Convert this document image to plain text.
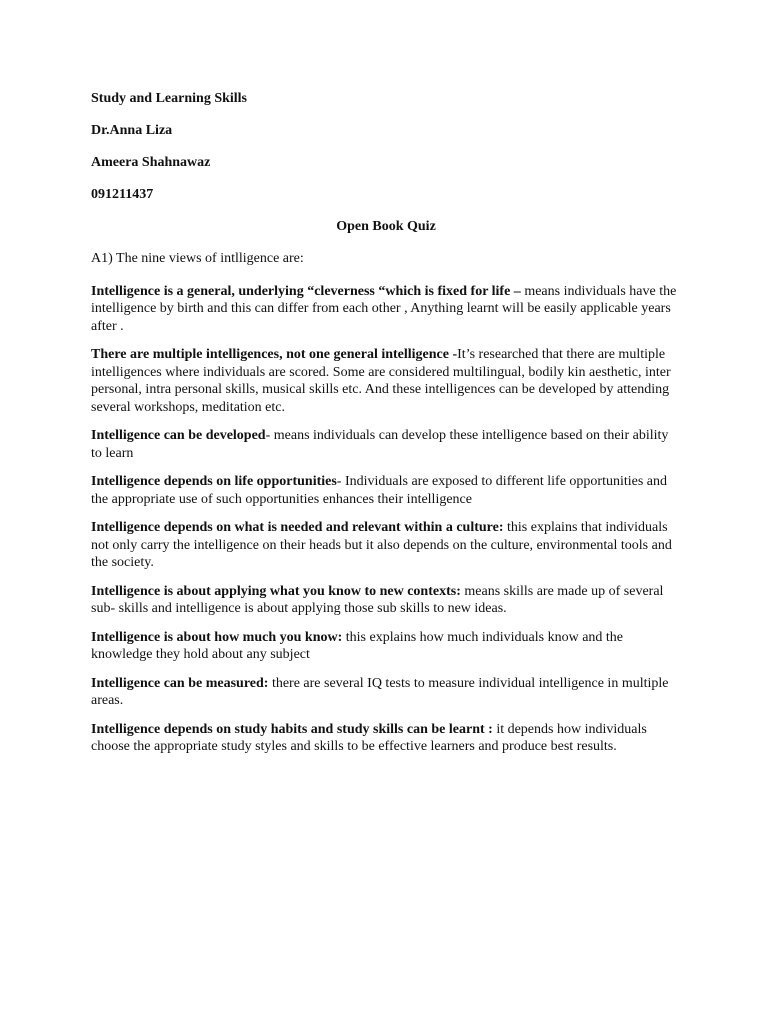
Study and Learning Skills
Dr.Anna Liza
Ameera Shahnawaz
091211437
Open Book Quiz
A1) The nine views of intlligence are:
Intelligence is a general, underlying “cleverness “which is fixed for life – means individuals have the intelligence by birth and this can differ from each other , Anything learnt will be easily applicable years after .
There are multiple intelligences, not one general intelligence -It’s researched that there are multiple intelligences where individuals are scored. Some are considered multilingual, bodily kin aesthetic, inter personal, intra personal skills, musical skills etc. And these intelligences can be developed by attending several workshops, meditation etc.
Intelligence can be developed- means individuals can develop these intelligence based on their ability to learn
Intelligence depends on life opportunities- Individuals are exposed to different life opportunities and the appropriate use of such opportunities enhances their intelligence
Intelligence depends on what is needed and relevant within a culture: this explains that individuals not only carry the intelligence on their heads but it also depends on the culture, environmental tools and the society.
Intelligence is about applying what you know to new contexts: means skills are made up of several sub- skills and intelligence is about applying those sub skills to new ideas.
Intelligence is about how much you know: this explains how much individuals know and the knowledge they hold about any subject
Intelligence can be measured: there are several IQ tests to measure individual intelligence in multiple areas.
Intelligence depends on study habits and study skills can be learnt : it depends how individuals choose the appropriate study styles and skills to be effective learners and produce best results.
